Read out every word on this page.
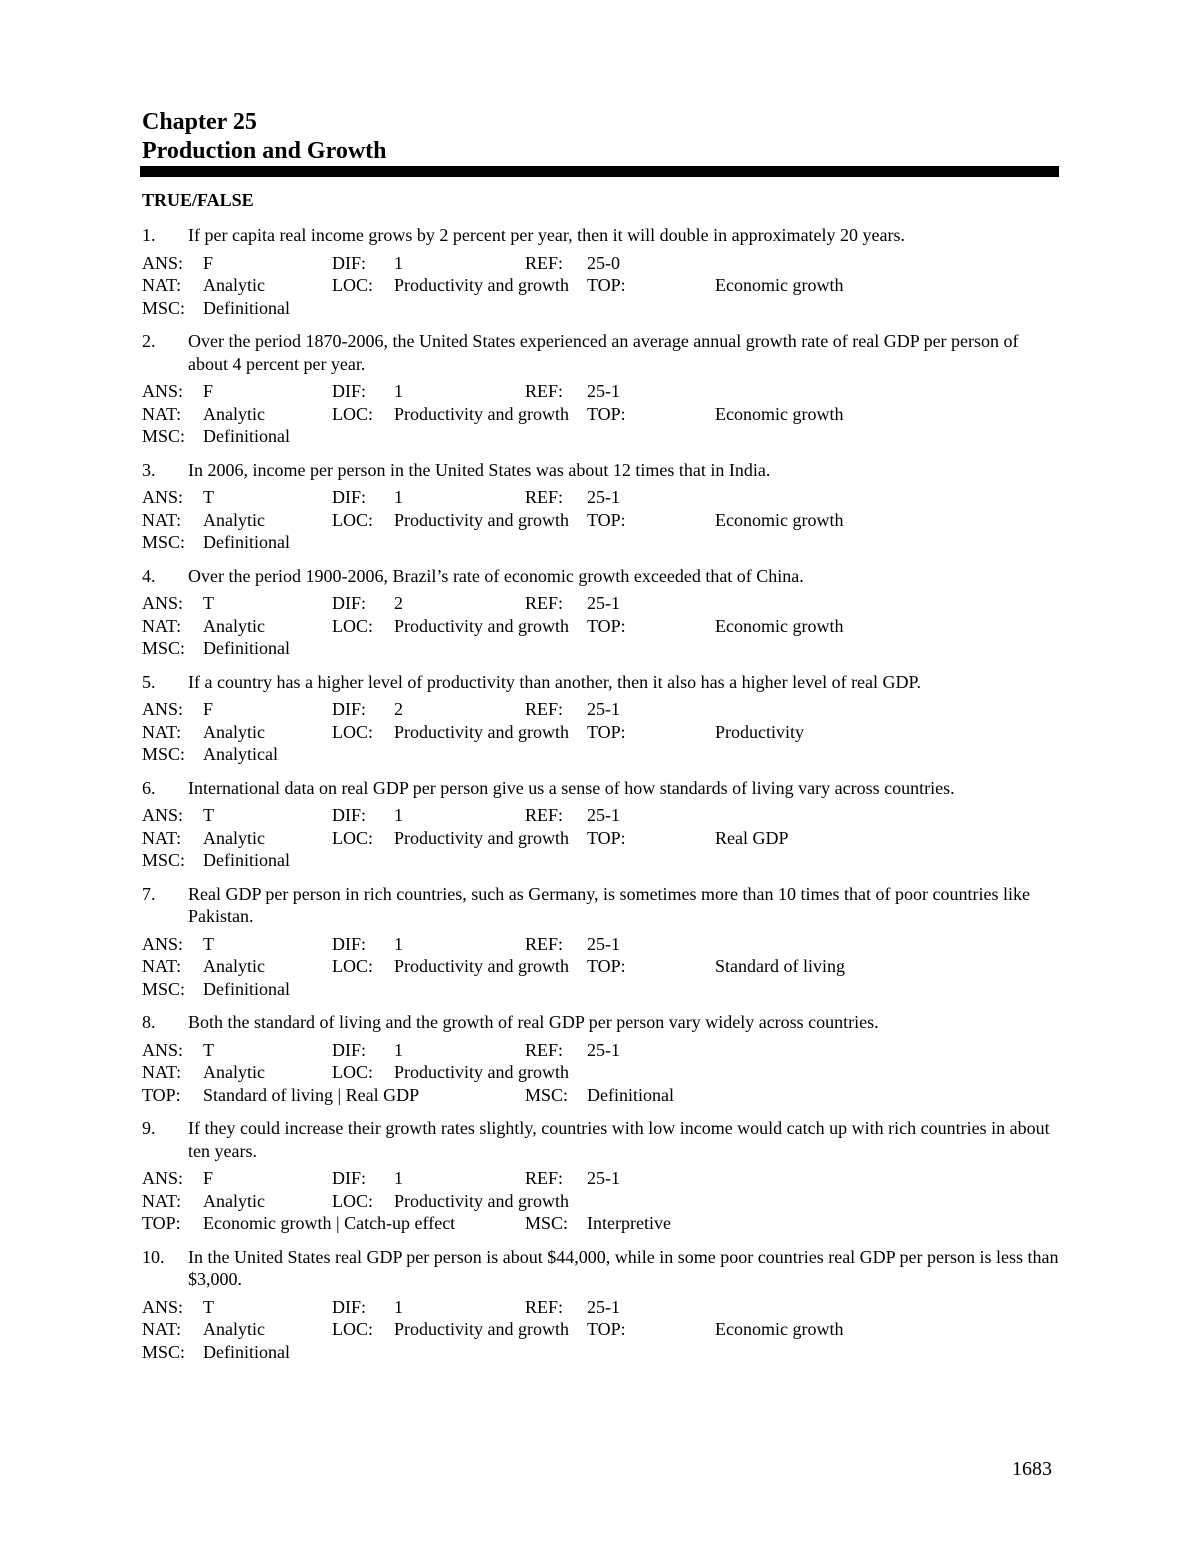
Chapter 25
Production and Growth
TRUE/FALSE
1.	If per capita real income grows by 2 percent per year, then it will double in approximately 20 years.
ANS:	F	DIF:	1	REF:	25-0
NAT:	Analytic	LOC:	Productivity and growth	TOP:	Economic growth
MSC: Definitional
2.	Over the period 1870-2006, the United States experienced an average annual growth rate of real GDP per person of about 4 percent per year.
ANS:	F	DIF:	1	REF:	25-1
NAT:	Analytic	LOC:	Productivity and growth	TOP:	Economic growth
MSC: Definitional
3.	In 2006, income per person in the United States was about 12 times that in India.
ANS:	T	DIF:	1	REF:	25-1
NAT:	Analytic	LOC:	Productivity and growth	TOP:	Economic growth
MSC: Definitional
4.	Over the period 1900-2006, Brazil’s rate of economic growth exceeded that of China.
ANS:	T	DIF:	2	REF:	25-1
NAT:	Analytic	LOC:	Productivity and growth	TOP:	Economic growth
MSC: Definitional
5.	If a country has a higher level of productivity than another, then it also has a higher level of real GDP.
ANS:	F	DIF:	2	REF:	25-1
NAT:	Analytic	LOC:	Productivity and growth	TOP:	Productivity
MSC: Analytical
6.	International data on real GDP per person give us a sense of how standards of living vary across countries.
ANS:	T	DIF:	1	REF:	25-1
NAT:	Analytic	LOC:	Productivity and growth	TOP:	Real GDP
MSC: Definitional
7.	Real GDP per person in rich countries, such as Germany, is sometimes more than 10 times that of poor countries like Pakistan.
ANS:	T	DIF:	1	REF:	25-1
NAT:	Analytic	LOC:	Productivity and growth	TOP:	Standard of living
MSC: Definitional
8.	Both the standard of living and the growth of real GDP per person vary widely across countries.
ANS:	T	DIF:	1	REF:	25-1
NAT:	Analytic	LOC:	Productivity and growth
TOP:	Standard of living | Real GDP	MSC:	Definitional
9.	If they could increase their growth rates slightly, countries with low income would catch up with rich countries in about ten years.
ANS:	F	DIF:	1	REF:	25-1
NAT:	Analytic	LOC:	Productivity and growth
TOP:	Economic growth | Catch-up effect	MSC:	Interpretive
10.	In the United States real GDP per person is about $44,000, while in some poor countries real GDP per person is less than $3,000.
ANS:	T	DIF:	1	REF:	25-1
NAT:	Analytic	LOC:	Productivity and growth	TOP:	Economic growth
MSC: Definitional
1683
